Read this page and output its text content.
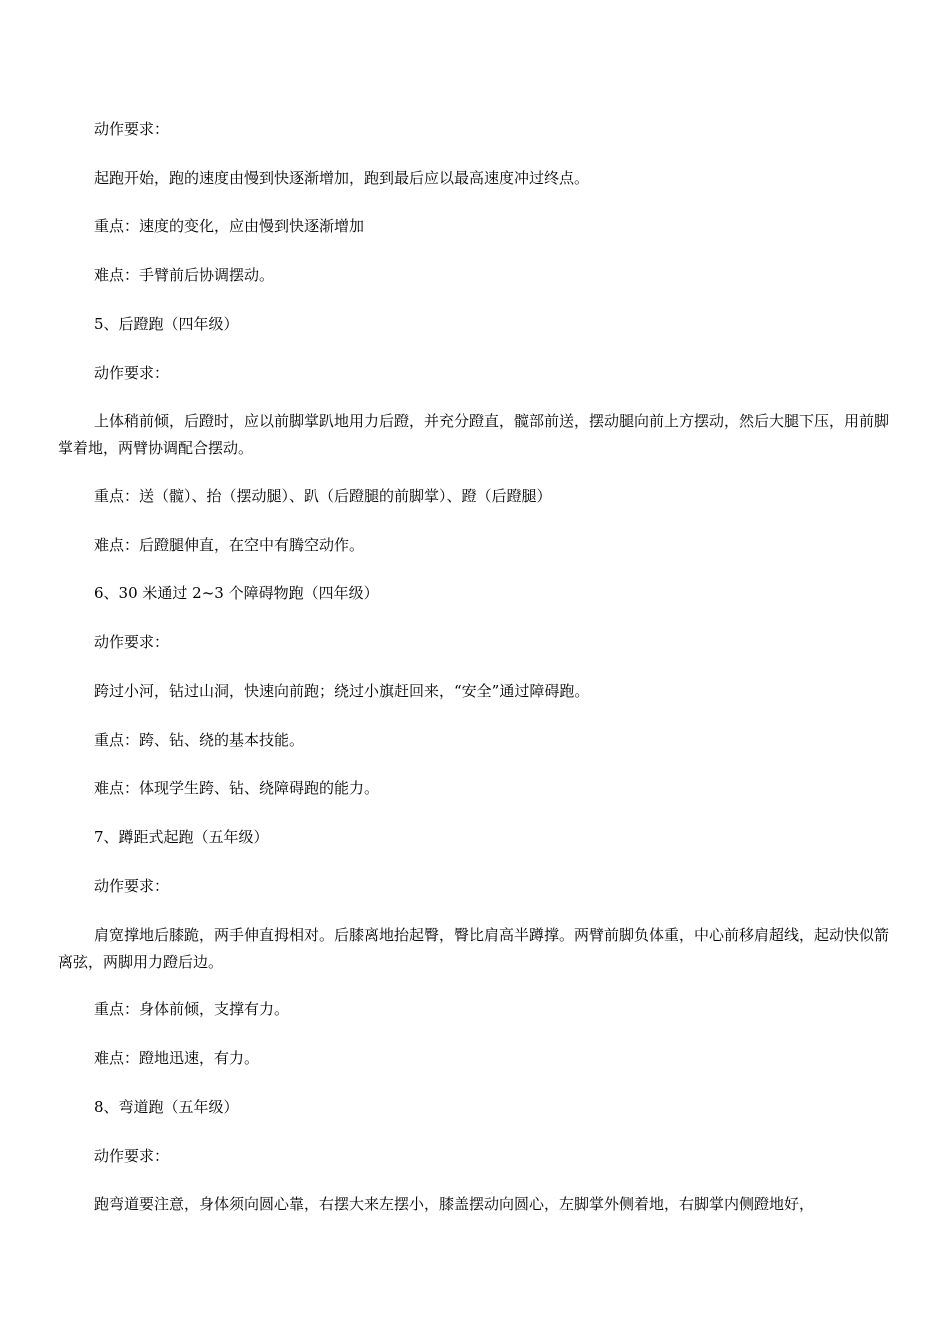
动作要求：
起跑开始，跑的速度由慢到快逐渐增加，跑到最后应以最高速度冲过终点。
重点：速度的变化，应由慢到快逐渐增加
难点：手臂前后协调摆动。
5、后蹬跑（四年级）
动作要求：
上体稍前倾，后蹬时，应以前脚掌趴地用力后蹬，并充分蹬直，髋部前送，摆动腿向前上方摆动，然后大腿下压，用前脚掌着地，两臂协调配合摆动。
重点：送（髋）、抬（摆动腿）、趴（后蹬腿的前脚掌）、蹬（后蹬腿）
难点：后蹬腿伸直，在空中有腾空动作。
6、30 米通过 2~3 个障碍物跑（四年级）
动作要求：
跨过小河，钻过山洞，快速向前跑；绕过小旗赶回来，“安全”通过障碍跑。
重点：跨、钻、绕的基本技能。
难点：体现学生跨、钻、绕障碍跑的能力。
7、蹲距式起跑（五年级）
动作要求：
肩宽撑地后膝跪，两手伸直拇相对。后膝离地抬起臀，臀比肩高半蹲撑。两臂前脚负体重，中心前移肩超线，起动快似箭离弦，两脚用力蹬后边。
重点：身体前倾，支撑有力。
难点：蹬地迅速，有力。
8、弯道跑（五年级）
动作要求：
跑弯道要注意，身体须向圆心靠，右摆大来左摆小，膝盖摆动向圆心，左脚掌外侧着地，右脚掌内侧蹬地好，
